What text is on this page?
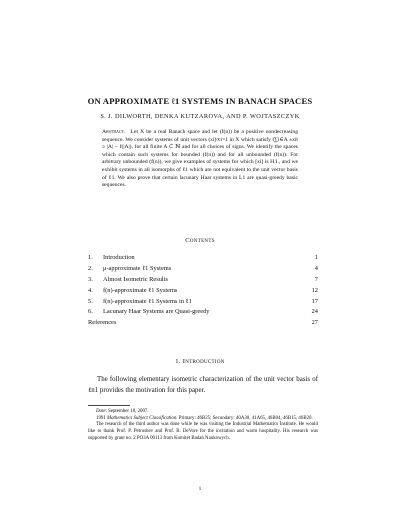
ON APPROXIMATE ℓ1 SYSTEMS IN BANACH SPACES
S. J. DILWORTH, DENKA KUTZAROVA, AND P. WOJTASZCZYK
Abstract. Let X be a real Banach space and let (f(n)) be a positive nondecreasing sequence. We consider systems of unit vectors (xi)∞i=1 in X which satisfy ‖∑i∈A ±xi‖ ≥ |A| − f(|A|), for all finite A ⊂ ℕ and for all choices of signs. We identify the spaces which contain such systems for bounded (f(n)) and for all unbounded (f(n)). For arbitrary unbounded (f(n)), we give examples of systems for which [xi] is H.I., and we exhibit systems in all isomorphs of ℓ1 which are not equivalent to the unit vector basis of ℓ1. We also prove that certain lacunary Haar systems in L1 are quasi-greedy basic sequences.
Contents
1. Introduction	1
2. μ-approximate ℓ1 Systems	4
3. Almost Isometric Results	7
4. f(n)-approximate ℓ1 Systems	12
5. f(n)-approximate ℓ1 Systems in ℓ1	17
6. Lacunary Haar Systems are Quasi-greedy	24
References	27
1. Introduction
The following elementary isometric characterization of the unit vector basis of ℓn1 provides the motivation for this paper.

Date: September 18, 2007.

1991 Mathematics Subject Classification. Primary: 46B25; Secondary: 40A30, 41A65, 46B04, 46B15, 46B20.

The research of the third author was done while he was visiting the Industrial Mathematics Institute. He would like to thank Prof. P. Petrushev and Prof. R. DeVore for the invitation and warm hospitality. His research was supported by grant no. 2 PO3A 00113 from Komitet Badań Naukowych.

1
